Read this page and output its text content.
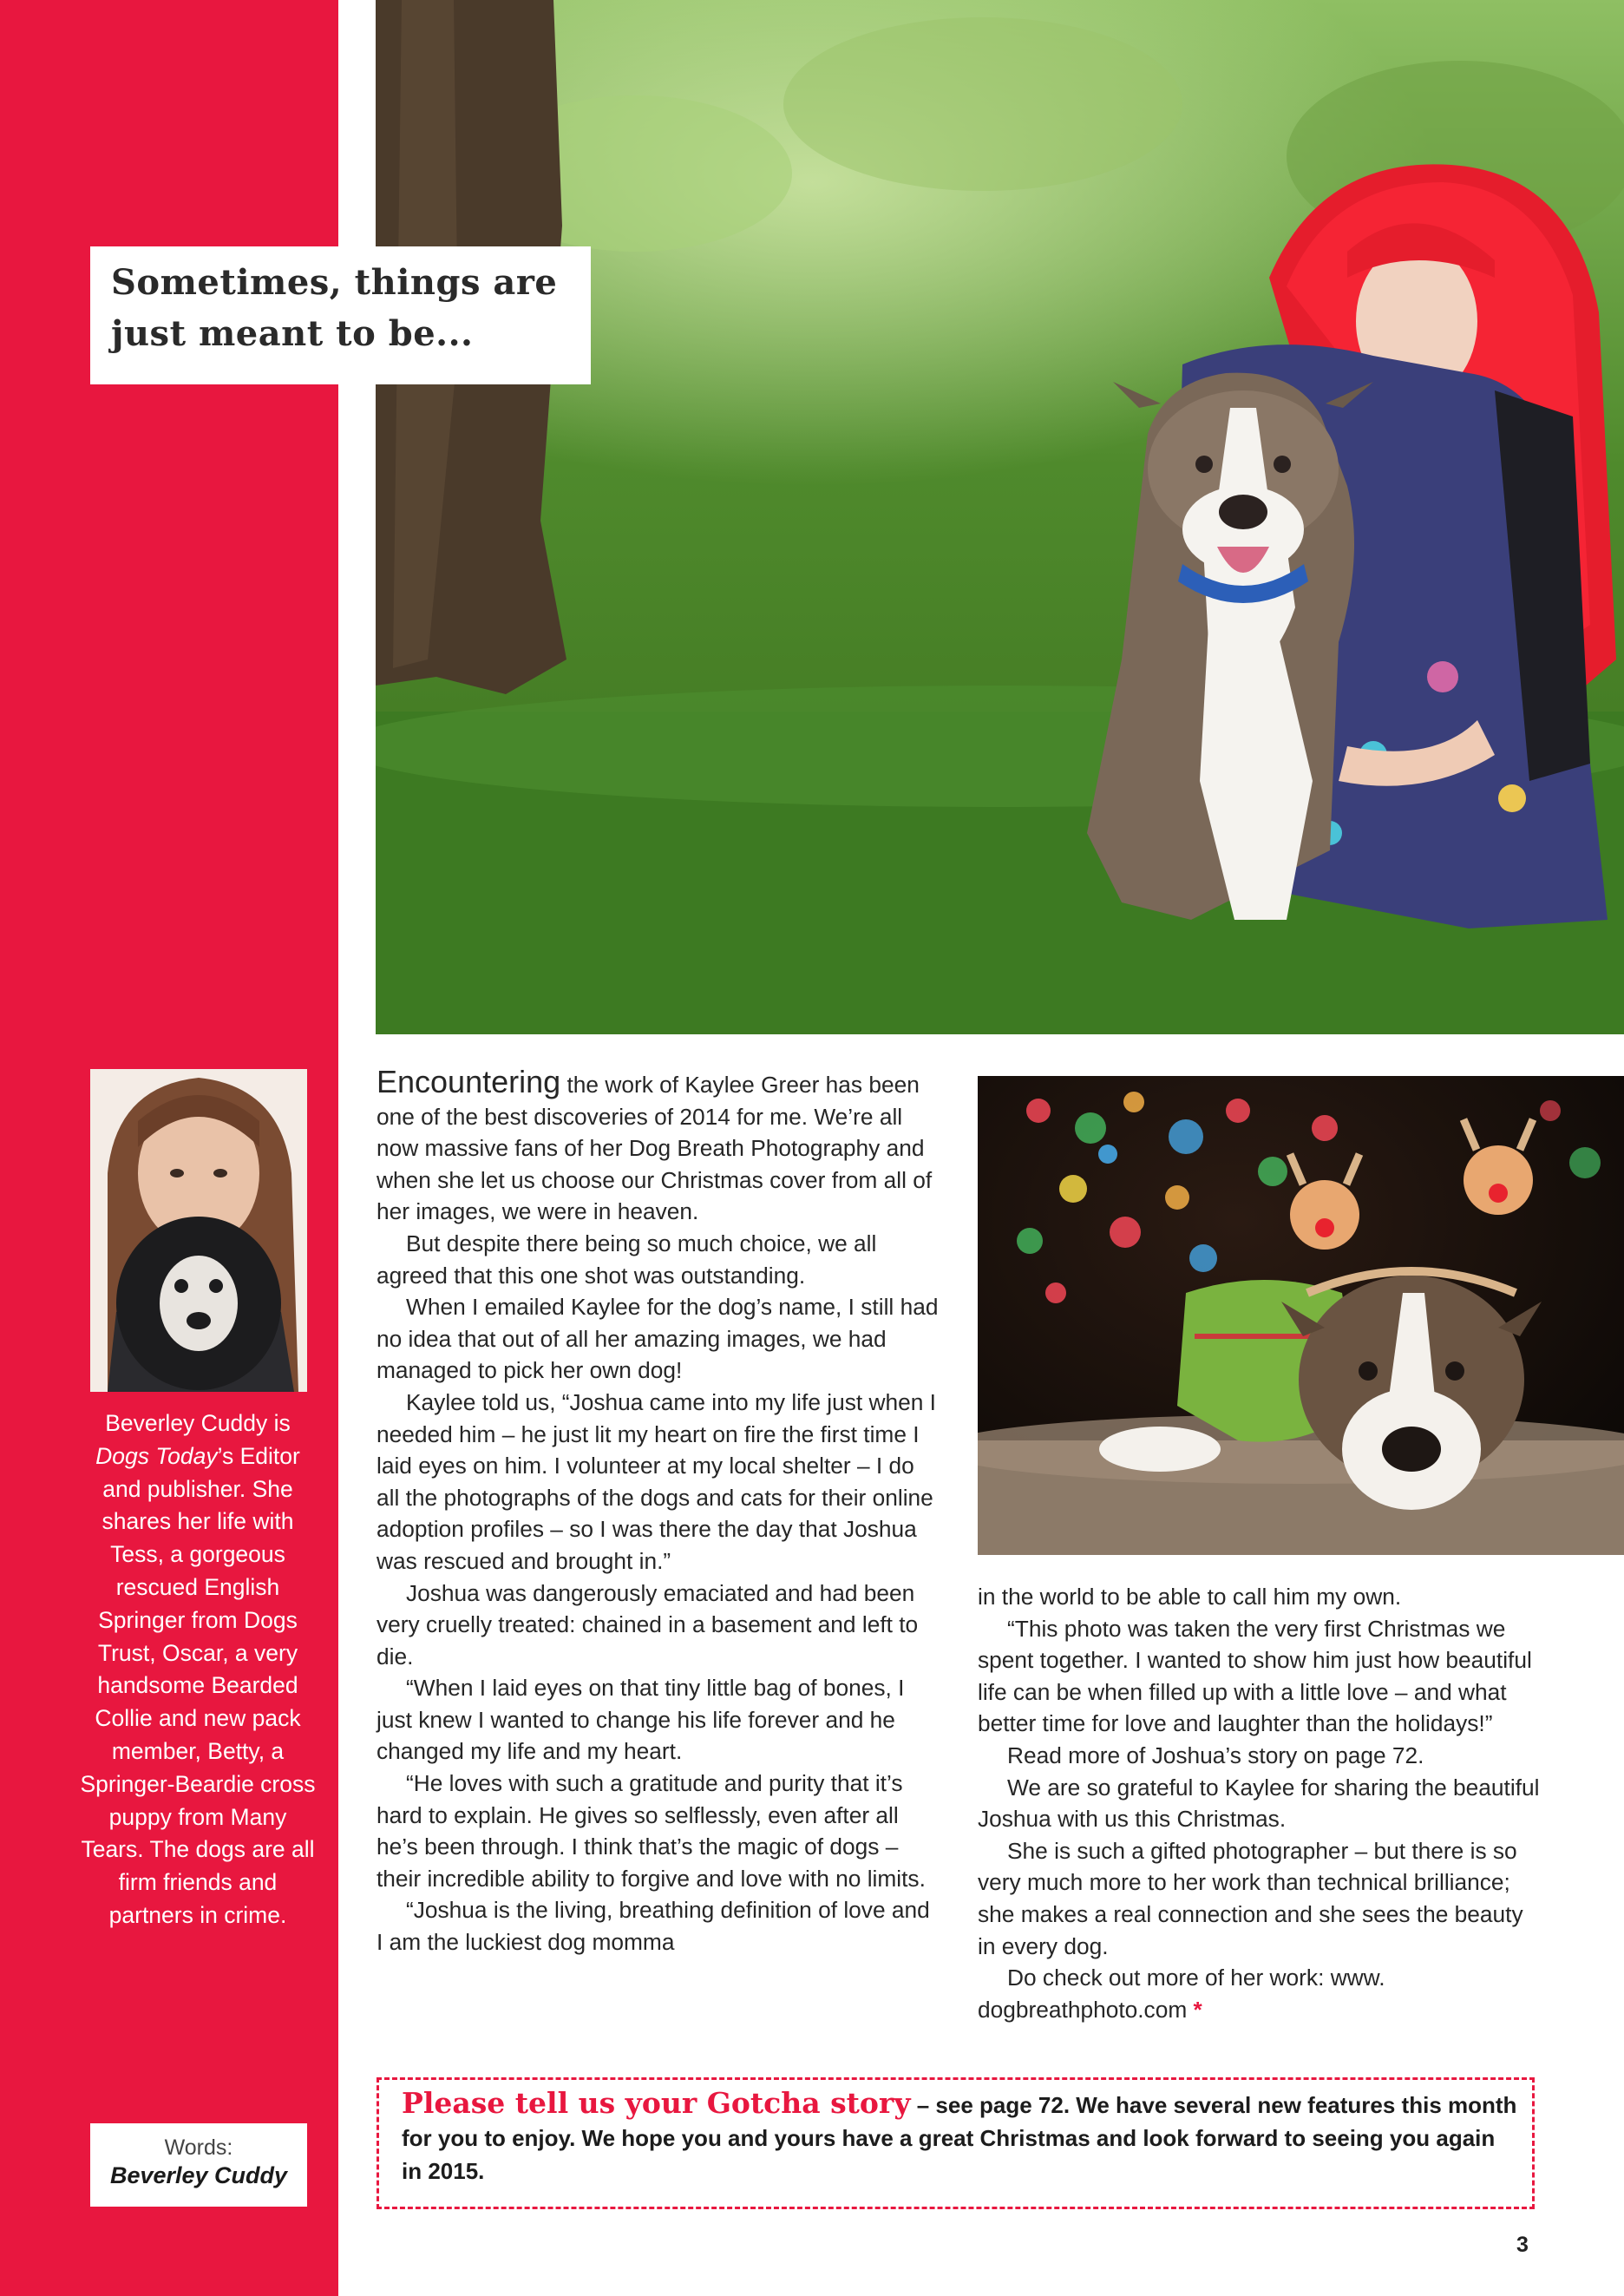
Sometimes, things are just meant to be...
Beverley Cuddy is Dogs Today’s Editor and publisher. She shares her life with Tess, a gorgeous rescued English Springer from Dogs Trust, Oscar, a very handsome Bearded Collie and new pack member, Betty, a Springer-Beardie cross puppy from Many Tears. The dogs are all firm friends and partners in crime.
Words:
Beverley Cuddy

Encountering the work of Kaylee Greer has been one of the best discoveries of 2014 for me. We’re all now massive fans of her Dog Breath Photography and when she let us choose our Christmas cover from all of her images, we were in heaven.

But despite there being so much choice, we all agreed that this one shot was outstanding.

When I emailed Kaylee for the dog’s name, I still had no idea that out of all her amazing images, we had managed to pick her own dog!

Kaylee told us, “Joshua came into my life just when I needed him – he just lit my heart on fire the first time I laid eyes on him. I volunteer at my local shelter – I do all the photographs of the dogs and cats for their online adoption profiles – so I was there the day that Joshua was rescued and brought in.”

Joshua was dangerously emaciated and had been very cruelly treated: chained in a basement and left to die.

“When I laid eyes on that tiny little bag of bones, I just knew I wanted to change his life forever and he changed my life and my heart.

“He loves with such a gratitude and purity that it’s hard to explain. He gives so selflessly, even after all he’s been through. I think that’s the magic of dogs – their incredible ability to forgive and love with no limits.

“Joshua is the living, breathing definition of love and I am the luckiest dog momma

in the world to be able to call him my own.

“This photo was taken the very first Christmas we spent together. I wanted to show him just how beautiful life can be when filled up with a little love – and what better time for love and laughter than the holidays!”

Read more of Joshua’s story on page 72.

We are so grateful to Kaylee for sharing the beautiful Joshua with us this Christmas.

She is such a gifted photographer – but there is so very much more to her work than technical brilliance; she makes a real connection and she sees the beauty in every dog.

Do check out more of her work: www. dogbreathphoto.com *

Please tell us your Gotcha story – see page 72. We have several new features this month for you to enjoy. We hope you and yours have a great Christmas and look forward to seeing you again in 2015.
3
